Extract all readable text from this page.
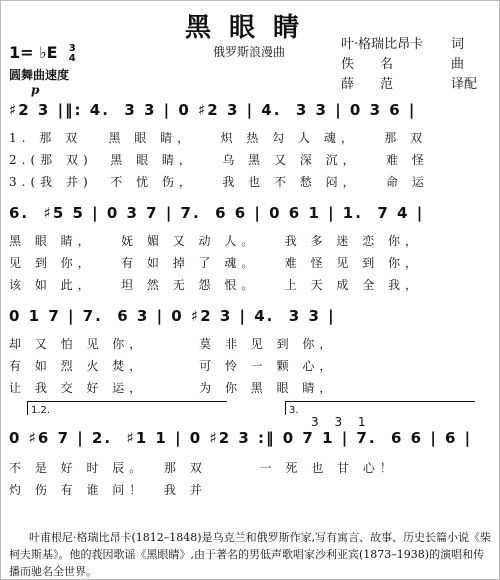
黑眼睛
1= ♭E 3
4
圆舞曲速度
俄罗斯浪漫曲	叶·格瑞比昂卡	词
佚　　名	曲
薛　　范	译配
p
♯2 3 |‖: 4.  3 3 | 0 ♯2 3 | 4.  3 3 | 0 3 6 |
1. 那 双   黑 眼 睛，   炽 热 勾 人 魂，   那 双
2.(那 双)  黑 眼 睛，   乌 黑 又 深 沉，   难 怪
3.(我 并)  不 忧 伤，   我 也 不 愁 闷，   命 运
6.  ♯5 5 | 0 3 7 | 7.  6 6 | 0 6 1 | 1.  7 4 |
黑 眼 睛，   妩 媚 又 动 人。   我 多 迷 恋 你，
见 到 你，   有 如 掉 了 魂。   难 怪 见 到 你，
该 如 此，   坦 然 无 怨 恨。   上 天 成 全 我，
0 1 7 | 7.  6 3 | 0 ♯2 3 | 4.  3 3 |
却 又 怕 见 你，      莫 非 见 到 你，
有 如 烈 火 焚，      可 怜 一 颗 心，
让 我 交 好 运，      为 你 黑 眼 睛，
1.2.	3.
3 3 1
0 ♯6 7 | 2.  ♯1 1 | 0 ♯2 3 :‖ 0 7 1 | 7.  6 6 | 6 |
不 是 好 时 辰。  那 双      一 死 也 甘 心！
灼 伤 有 谁 问！  我 并
叶甫根尼·格瑞比昂卡(1812–1848)是乌克兰和俄罗斯作家,写有寓言、故事、历史长篇小说《柴柯夫斯基》。他的莪因歌谣《黑眼睛》,由于著名的男低声歌唱家沙利亚宾(1873–1938)的演唱和传播而驰名全世界。
